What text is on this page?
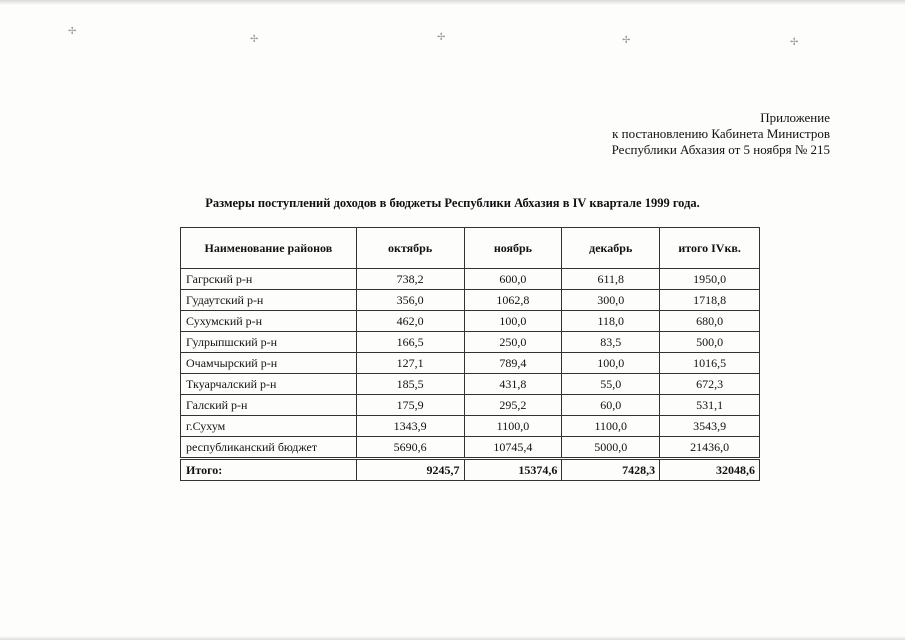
✢
✢	✢	✢	✢
Приложение
к постановлению Кабинета Министров
Республики Абхазия от 5 ноября № 215
Размеры поступлений доходов в бюджеты Республики Абхазия в IV квартале 1999 года.
Наименование районов	октябрь	ноябрь	декабрь	итого IVкв.
Гагрский р-н	738,2	600,0	611,8	1950,0
Гудаутский р-н	356,0	1062,8	300,0	1718,8
Сухумский р-н	462,0	100,0	118,0	680,0
Гулрыпшский р-н	166,5	250,0	83,5	500,0
Очамчырский р-н	127,1	789,4	100,0	1016,5
Ткуарчалский р-н	185,5	431,8	55,0	672,3
Галский р-н	175,9	295,2	60,0	531,1
г.Сухум	1343,9	1100,0	1100,0	3543,9
республиканский бюджет	5690,6	10745,4	5000,0	21436,0
Итого:	9245,7	15374,6	7428,3	32048,6
